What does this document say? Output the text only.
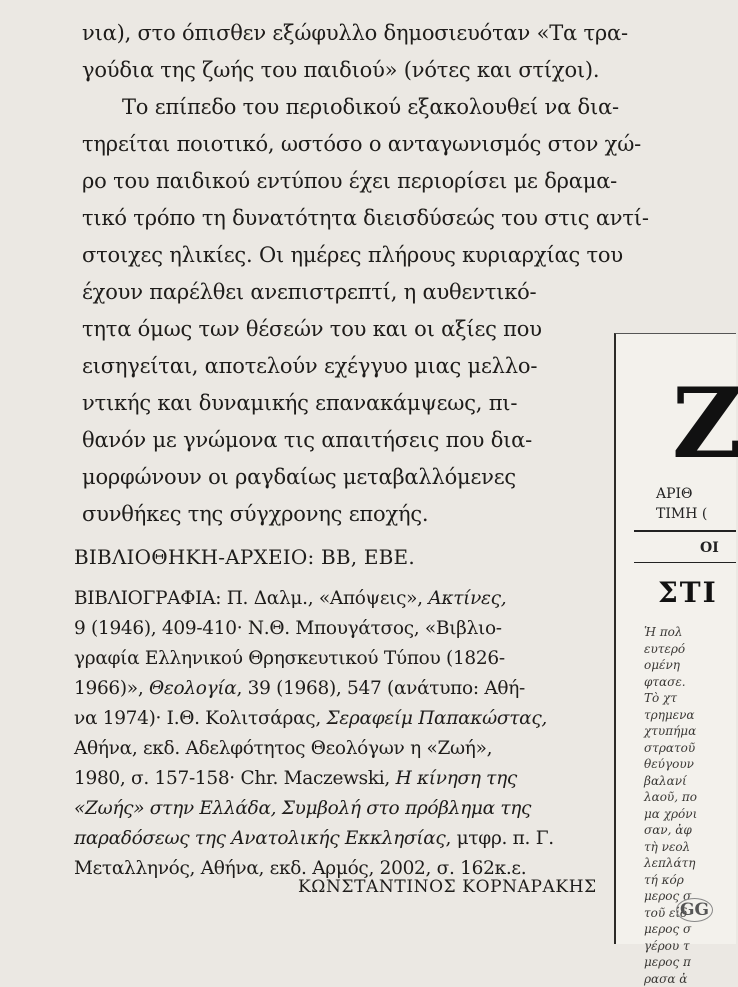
νια), στο όπισθεν εξώφυλλο δημοσιευόταν «Τα τρα-
γούδια της ζωής του παιδιού» (νότες και στίχοι).
Το επίπεδο του περιοδικού εξακολουθεί να δια-
τηρείται ποιοτικό, ωστόσο ο ανταγωνισμός στον χώ-
ρο του παιδικού εντύπου έχει περιορίσει με δραμα-
τικό τρόπο τη δυνατότητα διεισδύσεώς του στις αντί-
στοιχες ηλικίες. Οι ημέρες πλήρους κυριαρχίας του
έχουν παρέλθει ανεπιστρεπτί, η αυθεντικό-
τητα όμως των θέσεών του και οι αξίες που
εισηγείται, αποτελούν εχέγγυο μιας μελλο-
ντικής και δυναμικής επανακάμψεως, πι-
θανόν με γνώμονα τις απαιτήσεις που δια-
μορφώνουν οι ραγδαίως μεταβαλλόμενες
συνθήκες της σύγχρονης εποχής.
ΒΙΒΛΙΟΘΗΚΗ-ΑΡΧΕΙΟ: ΒΒ, ΕΒΕ.
ΒΙΒΛΙΟΓΡΑΦΙΑ: Π. Δαλμ., «Απόψεις», Ακτίνες,
9 (1946), 409-410· Ν.Θ. Μπουγάτσος, «Βιβλιο-
γραφία Ελληνικού Θρησκευτικού Τύπου (1826-
1966)», Θεολογία, 39 (1968), 547 (ανάτυπο: Αθή-
να 1974)· Ι.Θ. Κολιτσάρας, Σεραφείμ Παπακώστας,
Αθήνα, εκδ. Αδελφότητος Θεολόγων η «Ζωή»,
1980, σ. 157-158· Chr. Maczewski, Η κίνηση της
«Ζωής» στην Ελλάδα, Συμβολή στο πρόβλημα της
Z
ΑΡΙΘ
ΤΙΜΗ (
ΟΙ
ΣΤΙ
Ἡ πολ
ευτερό
ομένη
φτασε.
Τὸ χτ
τρημενα
χτυπήμα
στρατοῦ
θεύγουν
βαλανί
λαοῦ, πο
μα χρόνι
σαν, ἀφ
τὴ νεολ
λεπλάτη
τή κόρ
μερος σ
τοῦ εἱδ
μερος σ
γέρου τ
μερος π
ρασα ἀ
ΚΩΝΣΤΑΝΤΙΝΟΣ ΚΟΡΝΑΡΑΚΗΣ
GG
παραδόσεως της Ανατολικής Εκκλησίας, μτφρ. π. Γ.
Μεταλληνός, Αθήνα, εκδ. Αρμός, 2002, σ. 162κ.ε.
